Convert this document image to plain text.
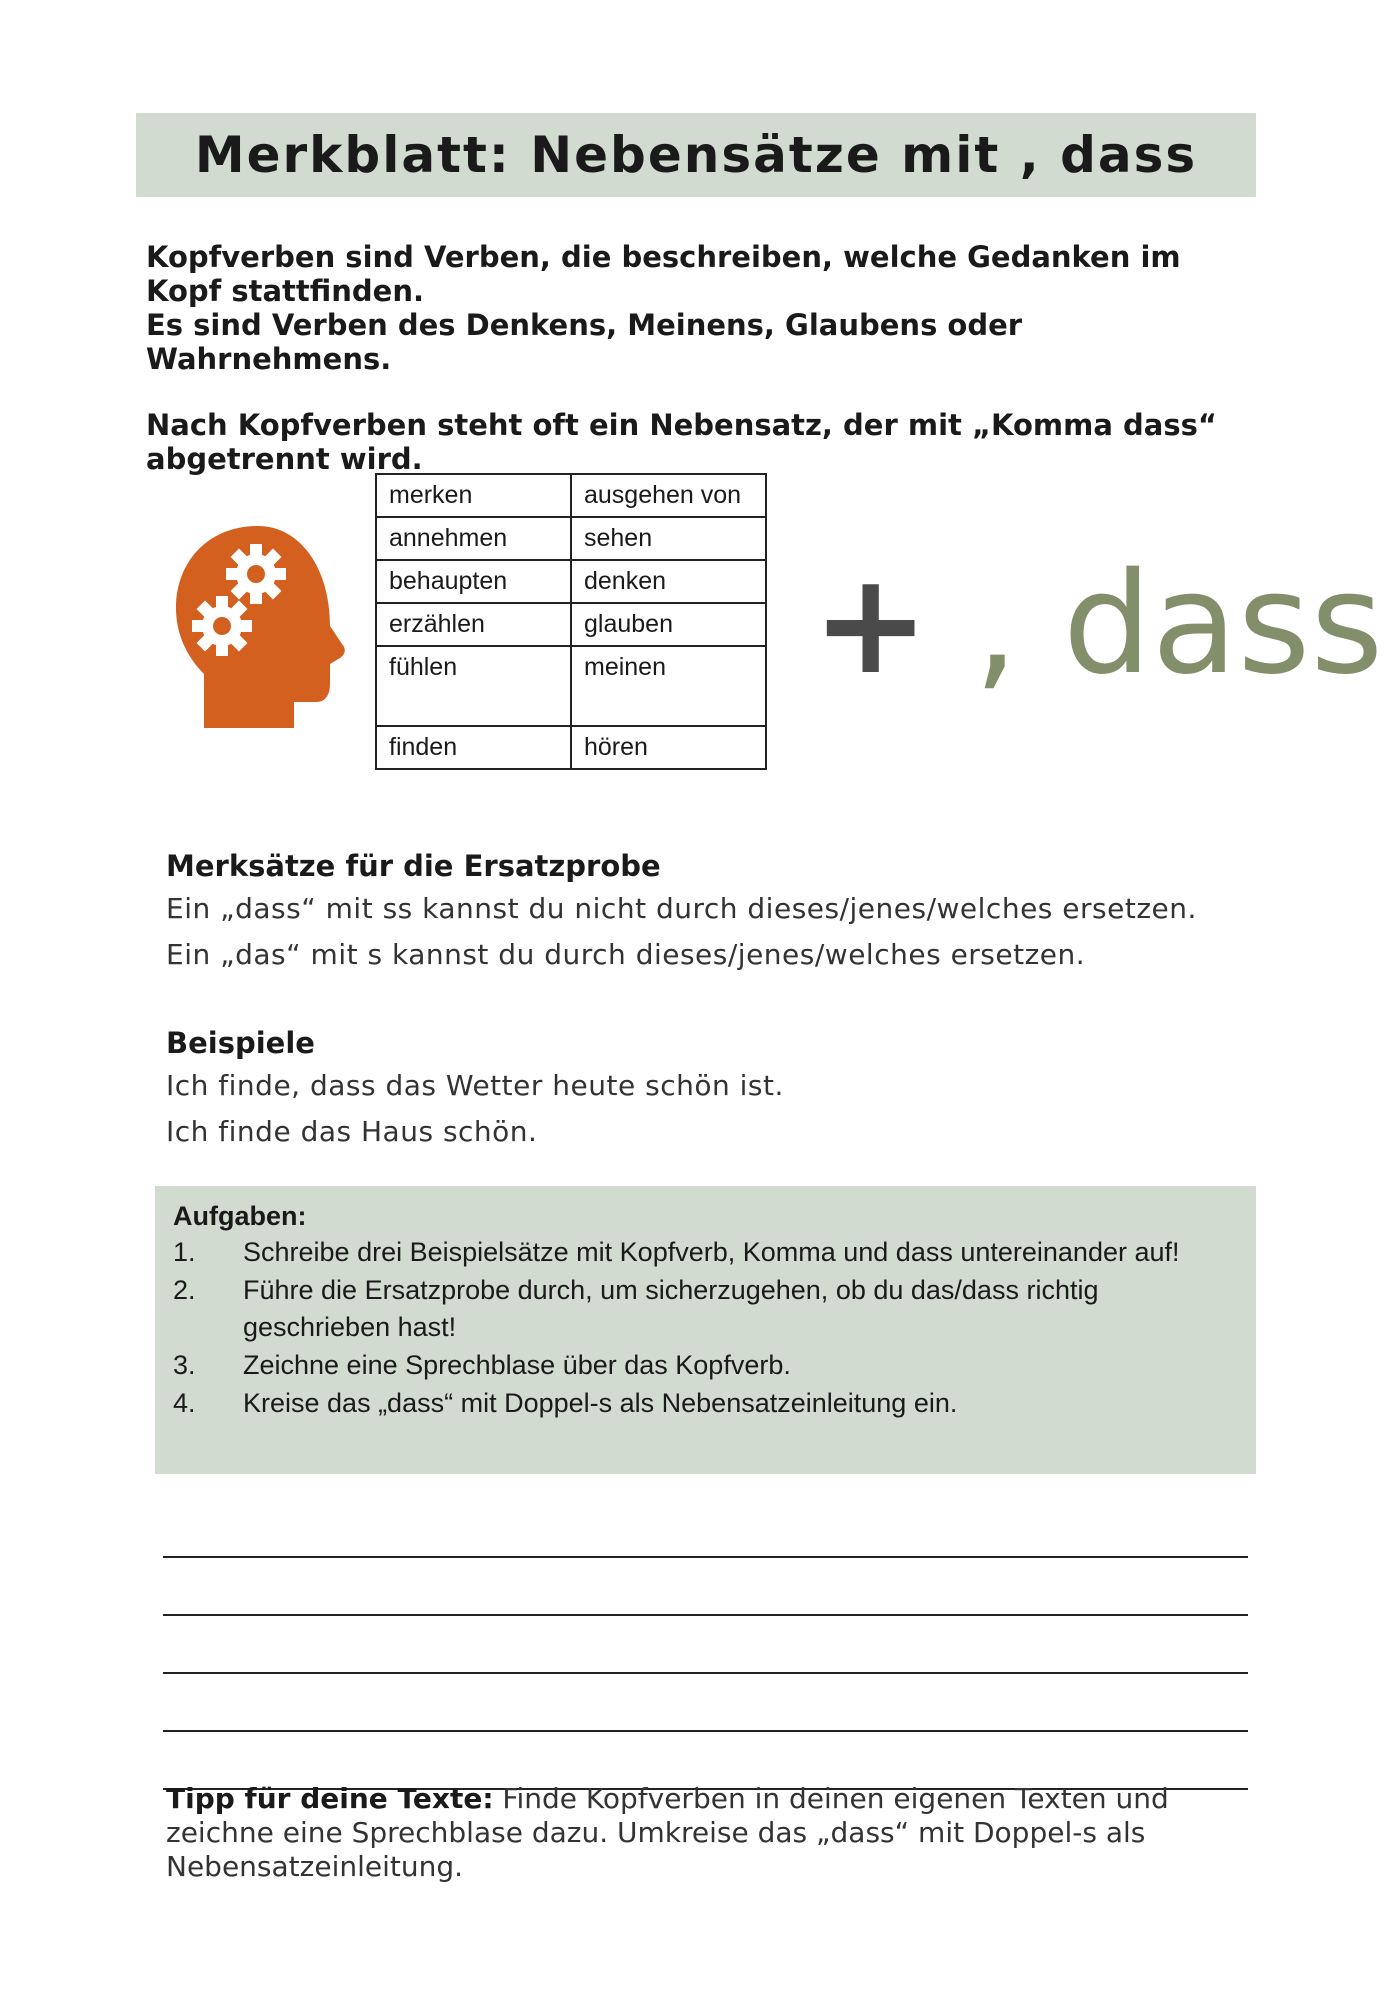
Merkblatt: Nebensätze mit , dass

Kopfverben sind Verben, die beschreiben, welche Gedanken im Kopf stattfinden.

Es sind Verben des Denkens, Meinens, Glaubens oder Wahrnehmens.

Nach Kopfverben steht oft ein Nebensatz, der mit „Komma dass“ abgetrennt wird.

merken	ausgehen von
annehmen	sehen
behaupten	denken
erzählen	glauben
fühlen	meinen
finden	hören
+ , dass
Merksätze für die Ersatzprobe

Ein „dass“ mit ss kannst du nicht durch dieses/jenes/welches ersetzen.

Ein „das“ mit s kannst du durch dieses/jenes/welches ersetzen.

Beispiele

Ich finde, dass das Wetter heute schön ist.

Ich finde das Haus schön.

Aufgaben:
1.	Schreibe drei Beispielsätze mit Kopfverb, Komma und dass untereinander auf!
2.	Führe die Ersatzprobe durch, um sicherzugehen, ob du das/dass richtig geschrieben hast!
3.	Zeichne eine Sprechblase über das Kopfverb.
4.	Kreise das „dass“ mit Doppel-s als Nebensatzeinleitung ein.
Tipp für deine Texte: Finde Kopfverben in deinen eigenen Texten und zeichne eine Sprechblase dazu. Umkreise das „dass“ mit Doppel-s als Nebensatzeinleitung.
